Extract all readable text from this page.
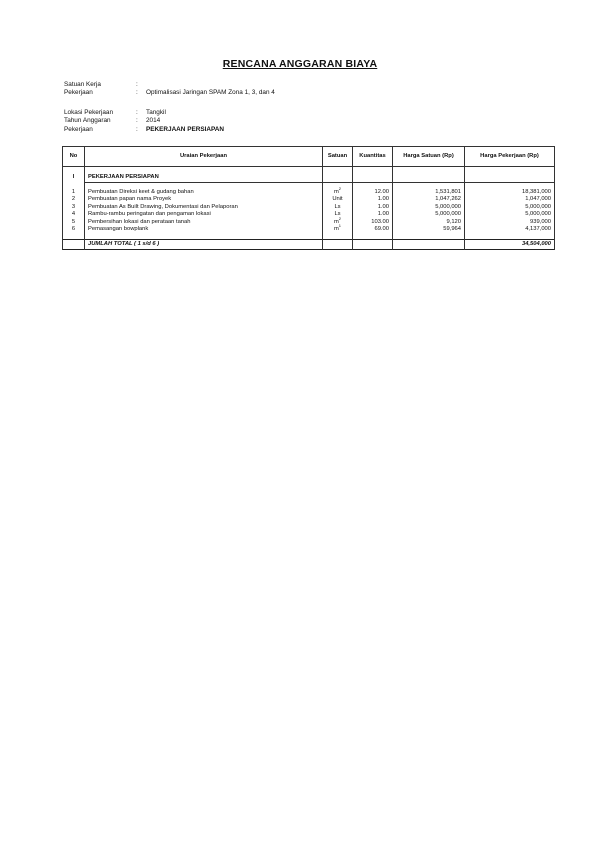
RENCANA ANGGARAN BIAYA
Satuan Kerja	:
Pekerjaan	:	Optimalisasi Jaringan SPAM Zona 1, 3, dan 4
Lokasi Pekerjaan	:	Tangkil
Tahun Anggaran	:	2014
Pekerjaan	:	PEKERJAAN PERSIAPAN
No	Uraian Pekerjaan	Satuan	Kuantitas	Harga Satuan (Rp)	Harga Pekerjaan (Rp)

I	PEKERJAAN PERSIAPAN				

1	Pembuatan Direksi keet & gudang bahan	$m^2$	12.00	1,531,801	18,381,000
2	Pembuatan papan nama Proyek	Unit	1.00	1,047,262	1,047,000
3	Pembuatan As Built Drawing, Dokumentasi dan Pelaporan	Ls	1.00	5,000,000	5,000,000
4	Rambu-rambu peringatan dan pengaman lokasi	Ls	1.00	5,000,000	5,000,000
5	Pembersihan lokasi dan perataan tanah	$m^2$	103.00	9,120	939,000
6	Pemasangan bowplank	$m^1$	69.00	59,964	4,137,000

	JUMLAH TOTAL ( 1 s/d 6 )				34,504,000
